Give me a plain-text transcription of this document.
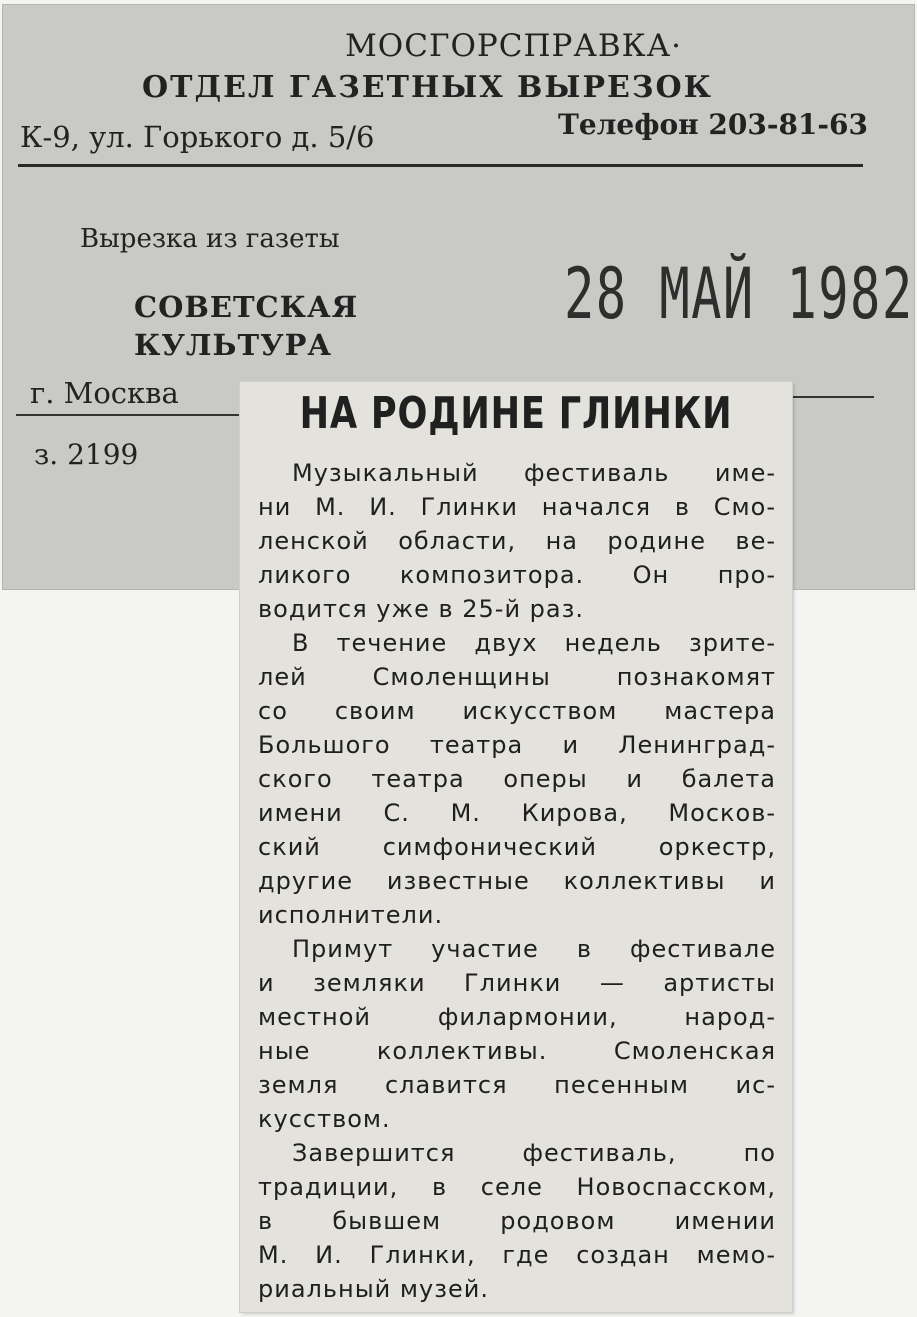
МОСГОРСПРАВКА·
ОТДЕЛ ГАЗЕТНЫХ ВЫРЕЗОК
К-9, ул. Горького д. 5/6	Телефон 203-81-63
Вырезка из газеты
СОВЕТСКАЯ
КУЛЬТУРА
г. Москва
з. 2199
28 МАЙ 1982
НА РОДИНЕ ГЛИНКИ
Музыкальный фестиваль име-
ни М. И. Глинки начался в Смо-
ленской области, на родине ве-
ликого композитора. Он про-
водится уже в 25-й раз.
В течение двух недель зрите-
лей Смоленщины познакомят
со своим искусством мастера
Большого театра и Ленинград-
ского театра оперы и балета
имени С. М. Кирова, Москов-
ский симфонический оркестр,
другие известные коллективы и
исполнители.
Примут участие в фестивале
и земляки Глинки — артисты
местной филармонии, народ-
ные коллективы. Смоленская
земля славится песенным ис-
кусством.
Завершится фестиваль, по
традиции, в селе Новоспасском,
в бывшем родовом имении
М. И. Глинки, где создан мемо-
риальный музей.
